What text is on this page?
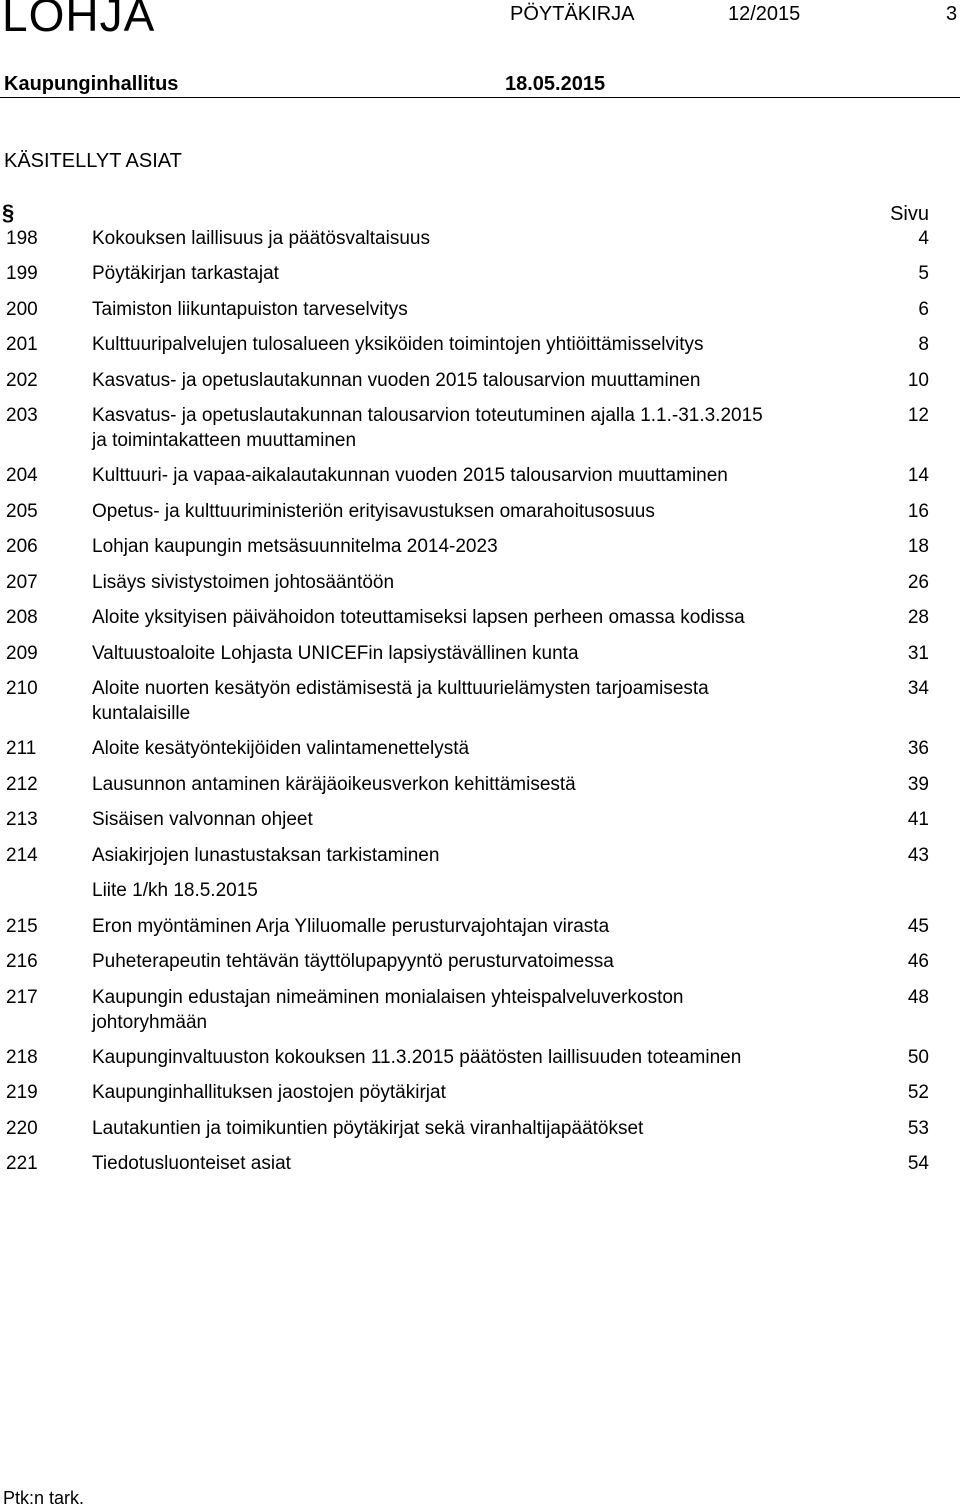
LOHJA	PÖYTÄKIRJA	12/2015	3
Kaupunginhallitus	18.05.2015
KÄSITELLYT ASIAT
§	Sivu
198	Kokouksen laillisuus ja päätösvaltaisuus	4
199	Pöytäkirjan tarkastajat	5
200	Taimiston liikuntapuiston tarveselvitys	6
201	Kulttuuripalvelujen tulosalueen yksiköiden toimintojen yhtiöittämisselvitys	8
202	Kasvatus- ja opetuslautakunnan vuoden 2015 talousarvion muuttaminen	10
203	Kasvatus- ja opetuslautakunnan talousarvion toteutuminen ajalla 1.1.-31.3.2015	12
ja toimintakatteen muuttaminen
204	Kulttuuri- ja vapaa-aikalautakunnan vuoden 2015 talousarvion muuttaminen	14
205	Opetus- ja kulttuuriministeriön erityisavustuksen omarahoitusosuus	16
206	Lohjan kaupungin metsäsuunnitelma 2014-2023	18
207	Lisäys sivistystoimen johtosääntöön	26
208	Aloite yksityisen päivähoidon toteuttamiseksi lapsen perheen omassa kodissa	28
209	Valtuustoaloite Lohjasta UNICEFin lapsiystävällinen kunta	31
210	Aloite nuorten kesätyön edistämisestä ja kulttuurielämysten tarjoamisesta	34
kuntalaisille
211	Aloite kesätyöntekijöiden valintamenettelystä	36
212	Lausunnon antaminen käräjäoikeusverkon kehittämisestä	39
213	Sisäisen valvonnan ohjeet	41
214	Asiakirjojen lunastustaksan tarkistaminen	43
Liite 1/kh 18.5.2015
215	Eron myöntäminen Arja Yliluomalle perusturvajohtajan virasta	45
216	Puheterapeutin tehtävän täyttölupapyyntö perusturvatoimessa	46
217	Kaupungin edustajan nimeäminen monialaisen yhteispalveluverkoston	48
johtoryhmään
218	Kaupunginvaltuuston kokouksen 11.3.2015 päätösten laillisuuden toteaminen	50
219	Kaupunginhallituksen jaostojen pöytäkirjat	52
220	Lautakuntien ja toimikuntien pöytäkirjat sekä viranhaltijapäätökset	53
221	Tiedotusluonteiset asiat	54
Ptk:n tark.
